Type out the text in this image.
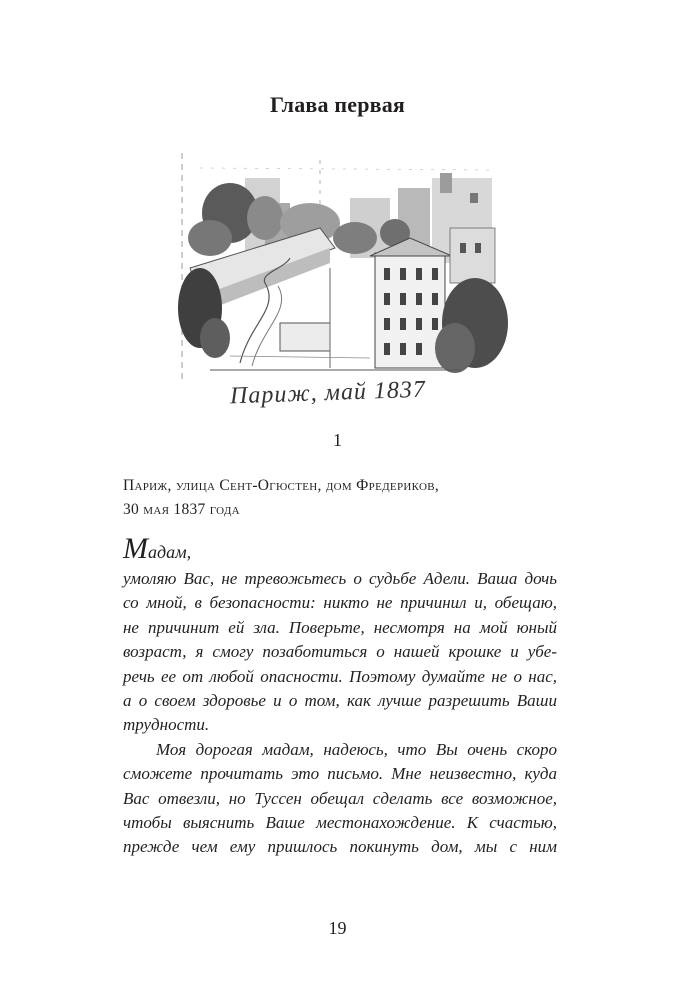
Глава первая
Париж, май 1837
1
Париж, улица Сент-Огюстен, дом Фредериков,
30 мая 1837 года
Мадам,
умоляю Вас, не тревожьтесь о судьбе Адели. Ваша дочь
со мной, в безопасности: никто не причинил и, обещаю,
не причинит ей зла. Поверьте, несмотря на мой юный
возраст, я смогу позаботиться о нашей крошке и убе-
речь ее от любой опасности. Поэтому думайте не о нас,
а о своем здоровье и о том, как лучше разрешить Ваши
трудности.
Моя дорогая мадам, надеюсь, что Вы очень скоро
сможете прочитать это письмо. Мне неизвестно, куда
Вас отвезли, но Туссен обещал сделать все возможное,
чтобы выяснить Ваше местонахождение. К счастью,
прежде чем ему пришлось покинуть дом, мы с ним
19
